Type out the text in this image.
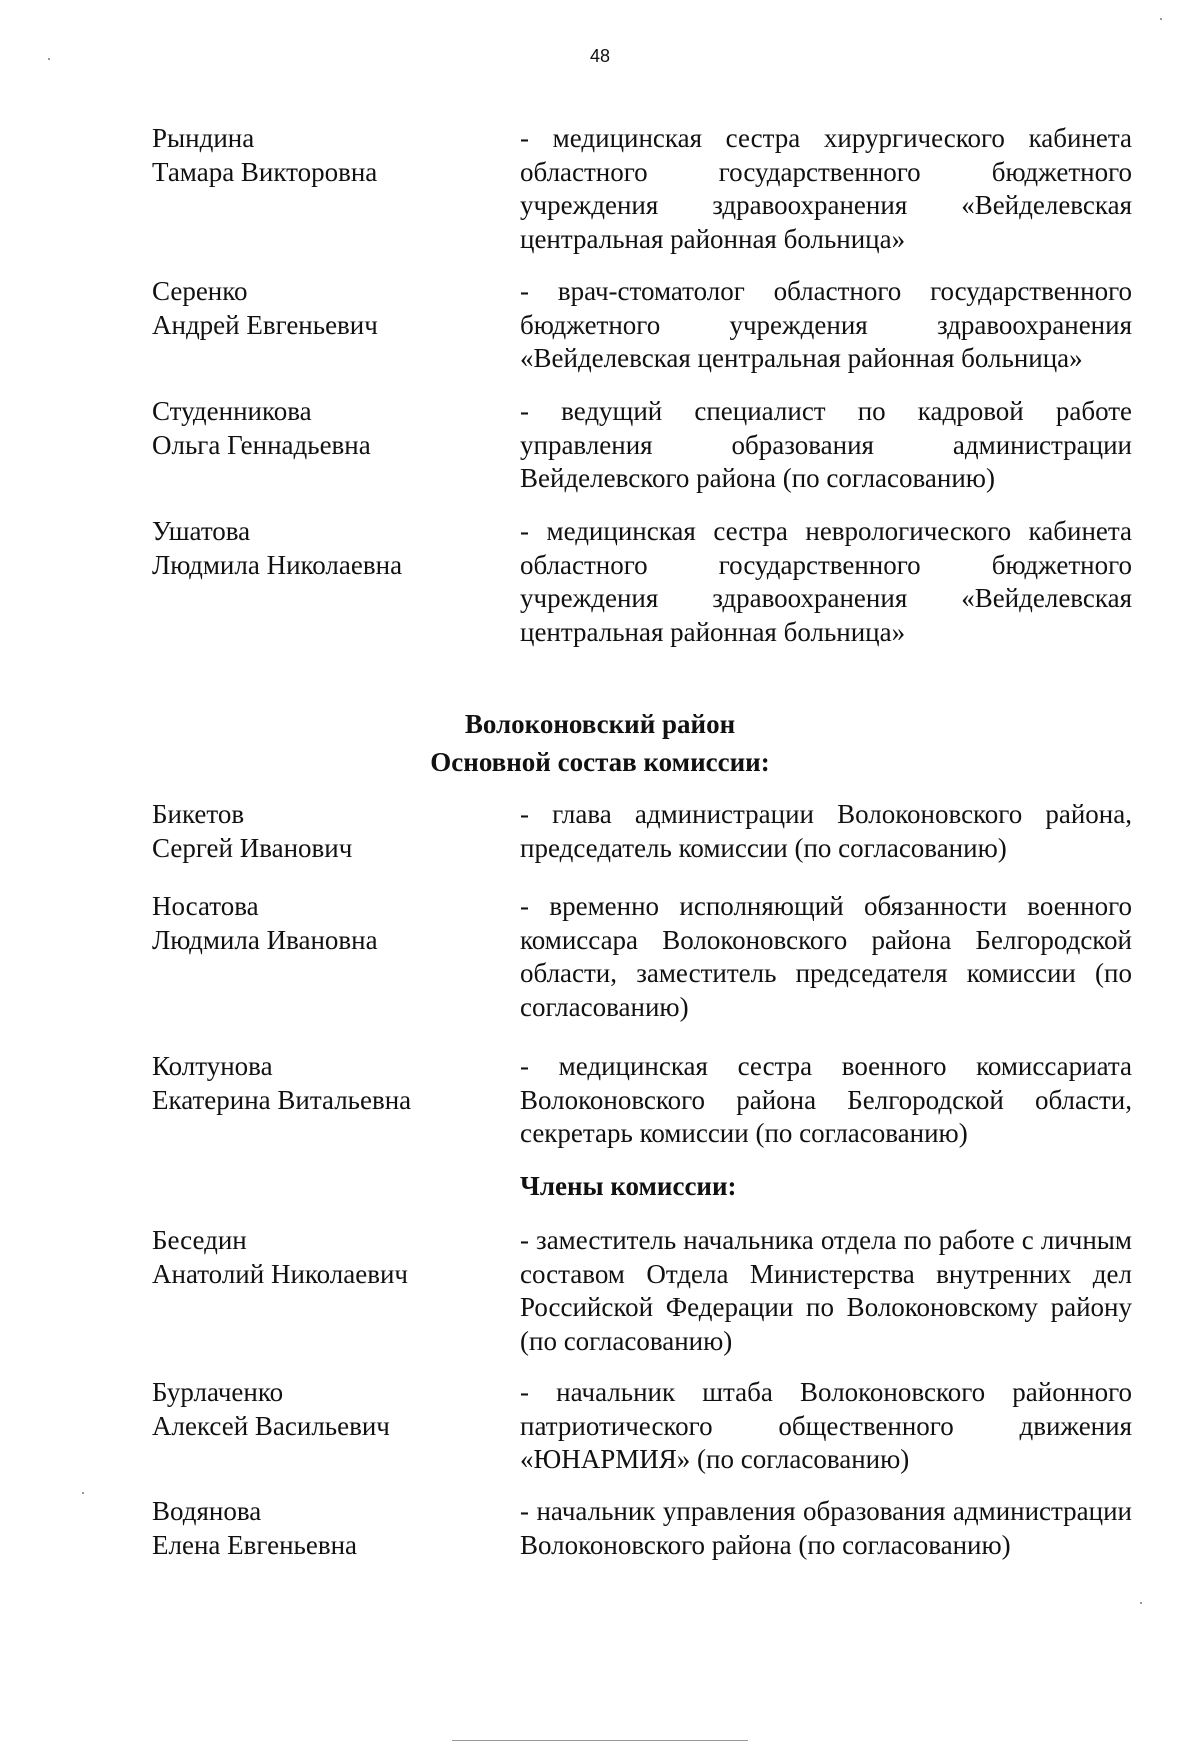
48
Рындина
Тамара Викторовна
- медицинская сестра хирургического кабинета областного государственного бюджетного учреждения здравоохранения «Вейделевская центральная районная больница»
Серенко
Андрей Евгеньевич
- врач-стоматолог областного государственного бюджетного учреждения здравоохранения «Вейделевская центральная районная больница»
Студенникова
Ольга Геннадьевна
- ведущий специалист по кадровой работе управления образования администрации Вейделевского района (по согласованию)
Ушатова
Людмила Николаевна
- медицинская сестра неврологического кабинета областного государственного бюджетного учреждения здравоохранения «Вейделевская центральная районная больница»
Волоконовский район
Основной состав комиссии:
Бикетов
Сергей Иванович
- глава администрации Волоконовского района, председатель комиссии (по согласованию)
Носатова
Людмила Ивановна
- временно исполняющий обязанности военного комиссара Волоконовского района Белгородской области, заместитель председателя комиссии (по согласованию)
Колтунова
Екатерина Витальевна
- медицинская сестра военного комиссариата Волоконовского района Белгородской области, секретарь комиссии (по согласованию)
Члены комиссии:
Беседин
Анатолий Николаевич
- заместитель начальника отдела по работе с личным составом Отдела Министерства внутренних дел Российской Федерации по Волоконовскому району (по согласованию)
Бурлаченко
Алексей Васильевич
- начальник штаба Волоконовского районного патриотического общественного движения «ЮНАРМИЯ» (по согласованию)
Водянова
Елена Евгеньевна
- начальник управления образования администрации Волоконовского района (по согласованию)
